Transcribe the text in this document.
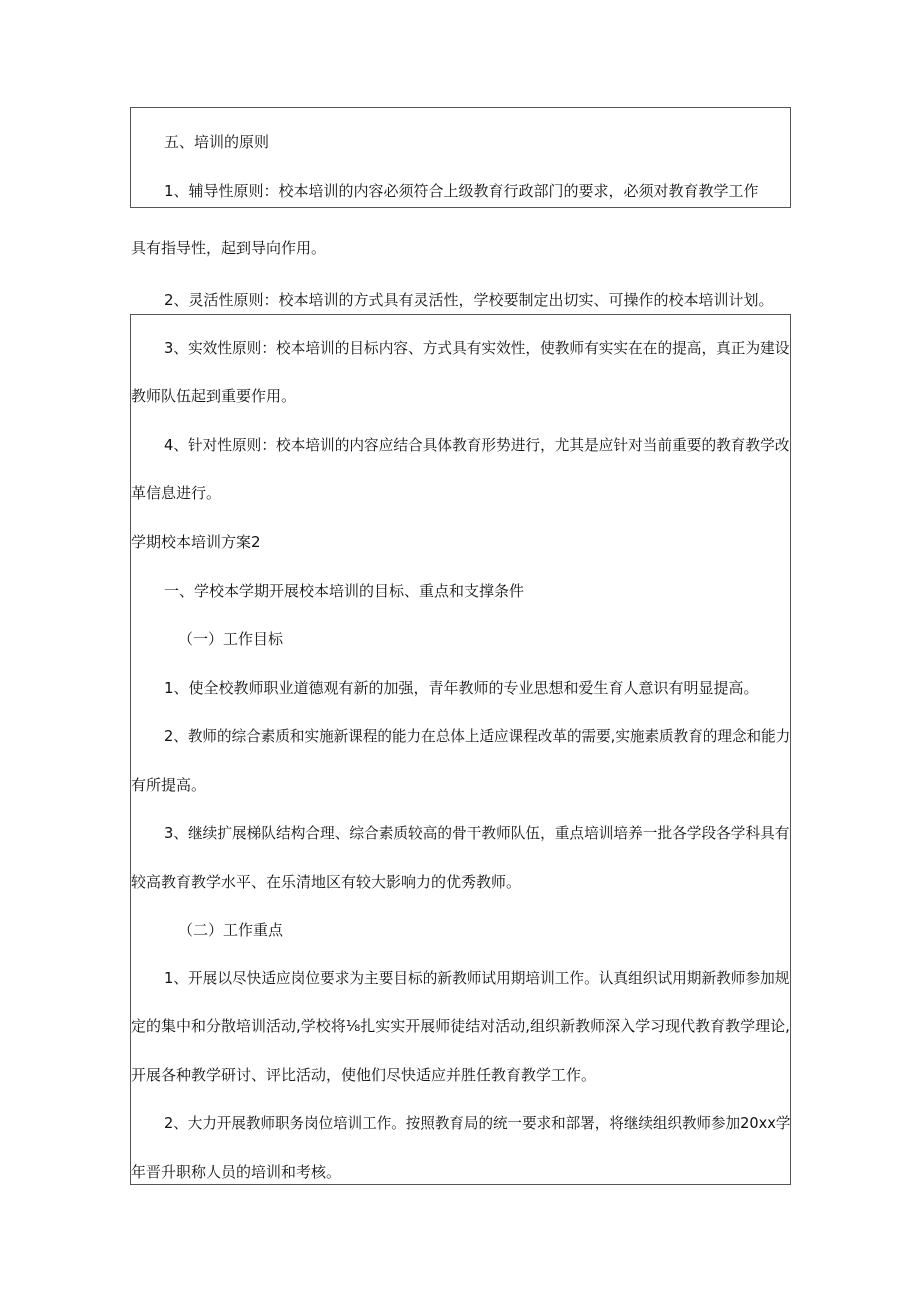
五、培训的原则
1、辅导性原则：校本培训的内容必须符合上级教育行政部门的要求，必须对教育教学工作
具有指导性，起到导向作用。
2、灵活性原则：校本培训的方式具有灵活性，学校要制定出切实、可操作的校本培训计划。
3、实效性原则：校本培训的目标内容、方式具有实效性，使教师有实实在在的提高，真正为建设
教师队伍起到重要作用。
4、针对性原则：校本培训的内容应结合具体教育形势进行，尤其是应针对当前重要的教育教学改
革信息进行。
学期校本培训方案2
一、学校本学期开展校本培训的目标、重点和支撑条件
（一）工作目标
1、使全校教师职业道德观有新的加强，青年教师的专业思想和爱生育人意识有明显提高。
2、教师的综合素质和实施新课程的能力在总体上适应课程改革的需要,实施素质教育的理念和能力
有所提高。
3、继续扩展梯队结构合理、综合素质较高的骨干教师队伍，重点培训培养一批各学段各学科具有
较高教育教学水平、在乐清地区有较大影响力的优秀教师。
（二）工作重点
1、开展以尽快适应岗位要求为主要目标的新教师试用期培训工作。认真组织试用期新教师参加规
定的集中和分散培训活动,学校将⅛扎实实开展师徒结对活动,组织新教师深入学习现代教育教学理论,
开展各种教学研讨、评比活动，使他们尽快适应并胜任教育教学工作。
2、大力开展教师职务岗位培训工作。按照教育局的统一要求和部署，将继续组织教师参加20xx学
年晋升职称人员的培训和考核。
